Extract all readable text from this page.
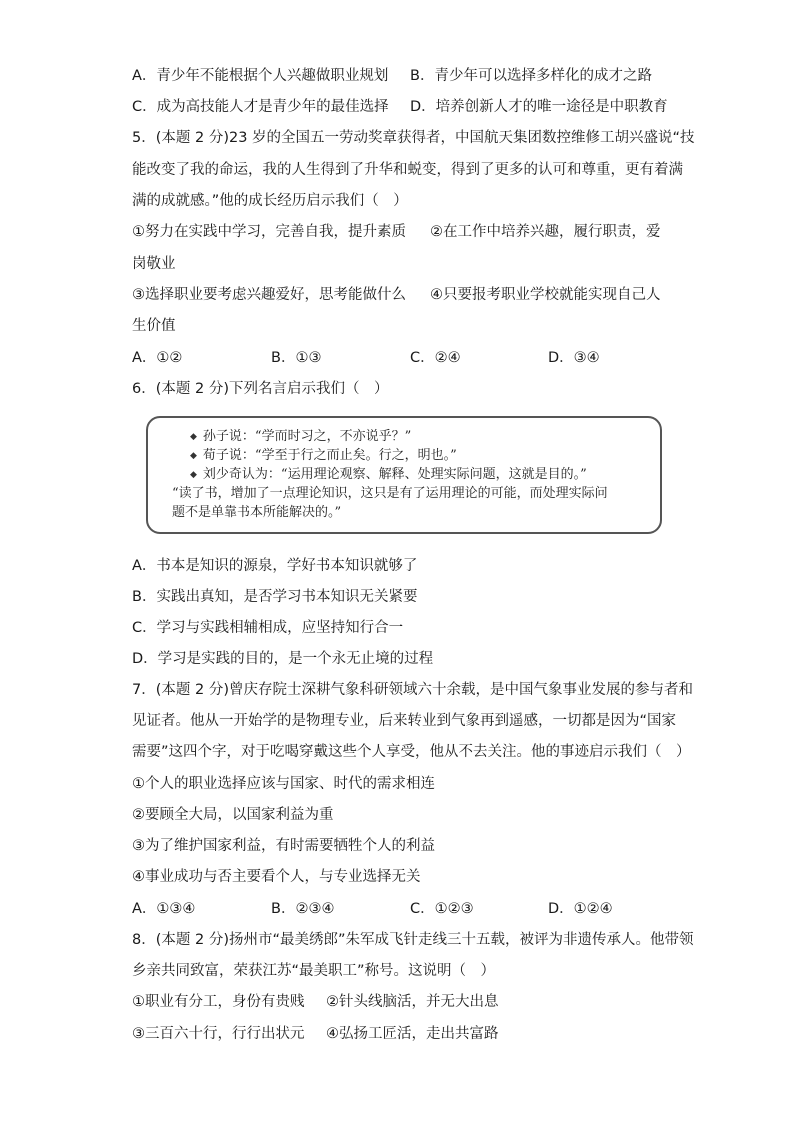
A．青少年不能根据个人兴趣做职业规划 B．青少年可以选择多样化的成才之路
C．成为高技能人才是青少年的最佳选择 D．培养创新人才的唯一途径是中职教育
5．(本题 2 分)23 岁的全国五一劳动奖章获得者，中国航天集团数控维修工胡兴盛说“技
能改变了我的命运，我的人生得到了升华和蜕变，得到了更多的认可和尊重，更有着满
满的成就感。”他的成长经历启示我们（　）
①努力在实践中学习，完善自我，提升素质 ②在工作中培养兴趣，履行职责，爱
岗敬业
③选择职业要考虑兴趣爱好，思考能做什么 ④只要报考职业学校就能实现自己人
生价值
A．①②	B．①③	C．②④	D．③④
6．(本题 2 分)下列名言启示我们（　）
◆ 孙子说：“学而时习之，不亦说乎？”
◆ 荀子说：“学至于行之而止矣。行之，明也。”
◆ 刘少奇认为：“运用理论观察、解释、处理实际问题，这就是目的。”
“读了书，增加了一点理论知识，这只是有了运用理论的可能，而处理实际问
题不是单靠书本所能解决的。”
A．书本是知识的源泉，学好书本知识就够了
B．实践出真知，是否学习书本知识无关紧要
C．学习与实践相辅相成，应坚持知行合一
D．学习是实践的目的，是一个永无止境的过程
7．(本题 2 分)曾庆存院士深耕气象科研领域六十余载，是中国气象事业发展的参与者和
见证者。他从一开始学的是物理专业，后来转业到气象再到遥感，一切都是因为“国家
需要”这四个字，对于吃喝穿戴这些个人享受，他从不去关注。他的事迹启示我们（　）
①个人的职业选择应该与国家、时代的需求相连
②要顾全大局，以国家利益为重
③为了维护国家利益，有时需要牺牲个人的利益
④事业成功与否主要看个人，与专业选择无关
A．①③④	B．②③④	C．①②③	D．①②④
8．(本题 2 分)扬州市“最美绣郎”朱军成飞针走线三十五载，被评为非遗传承人。他带领
乡亲共同致富，荣获江苏“最美职工”称号。这说明（　）
①职业有分工，身份有贵贱 ②针头线脑活，并无大出息
③三百六十行，行行出状元 ④弘扬工匠活，走出共富路
